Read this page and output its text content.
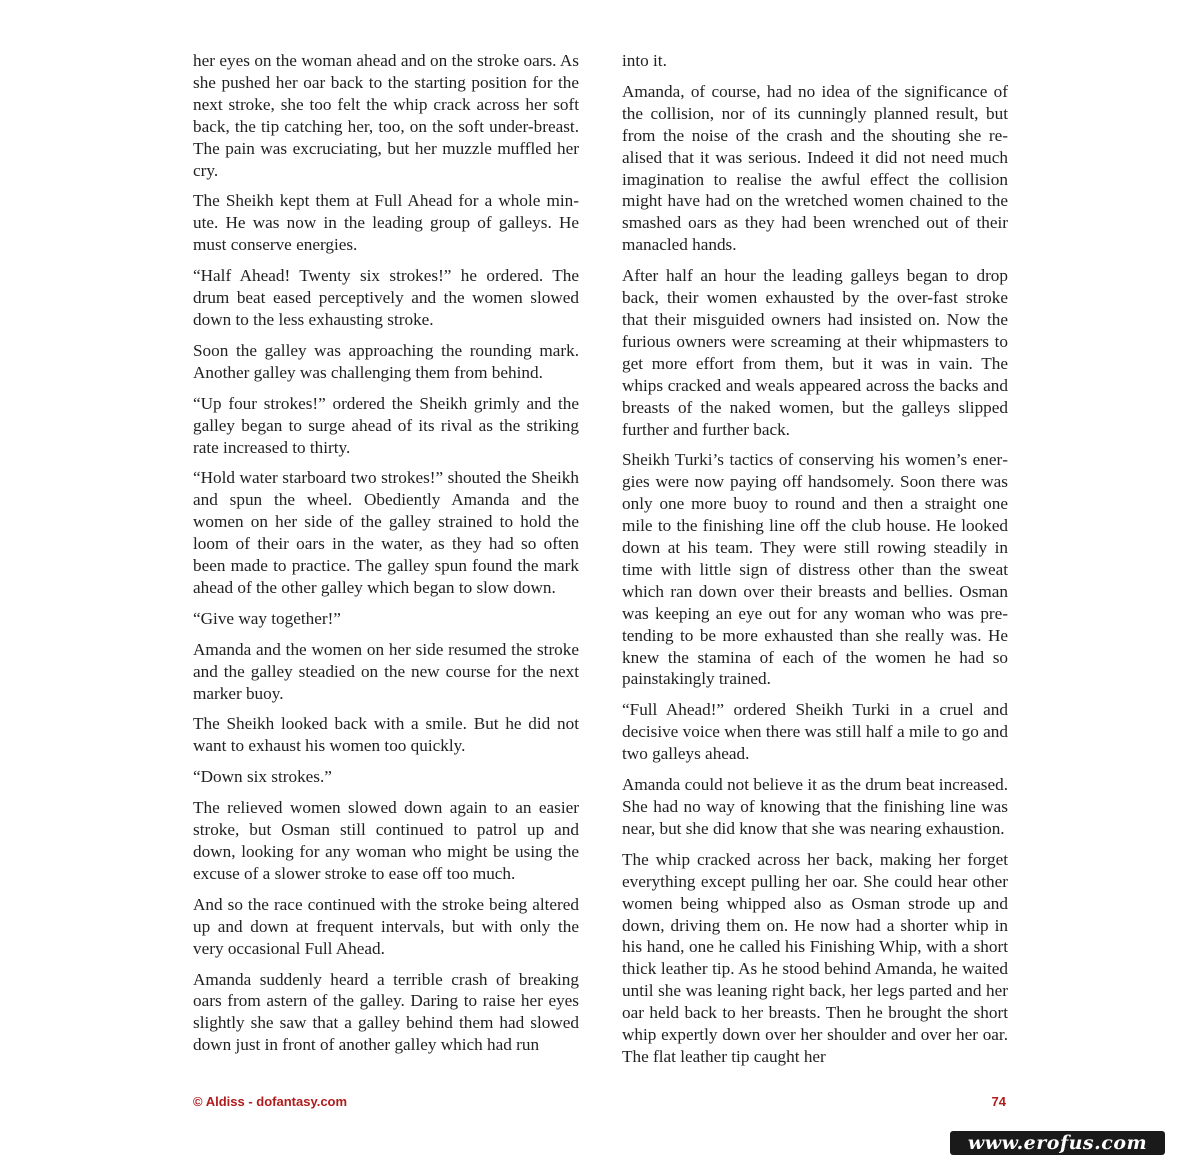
her eyes on the woman ahead and on the stroke oars. As she pushed her oar back to the starting position for the next stroke, she too felt the whip crack across her soft back, the tip catching her, too, on the soft under-breast. The pain was excruciating, but her muzzle muffled her cry.

The Sheikh kept them at Full Ahead for a whole minute. He was now in the leading group of galleys. He must conserve energies.

“Half Ahead! Twenty six strokes!” he ordered. The drum beat eased perceptively and the women slowed down to the less exhausting stroke.

Soon the galley was approaching the rounding mark. Another galley was challenging them from behind.

“Up four strokes!” ordered the Sheikh grimly and the galley began to surge ahead of its rival as the striking rate increased to thirty.

“Hold water starboard two strokes!” shouted the Sheikh and spun the wheel. Obediently Amanda and the women on her side of the galley strained to hold the loom of their oars in the water, as they had so often been made to practice. The galley spun found the mark ahead of the other galley which began to slow down.

“Give way together!”

Amanda and the women on her side resumed the stroke and the galley steadied on the new course for the next marker buoy.

The Sheikh looked back with a smile. But he did not want to exhaust his women too quickly.

“Down six strokes.”

The relieved women slowed down again to an easier stroke, but Osman still continued to patrol up and down, looking for any woman who might be using the excuse of a slower stroke to ease off too much.

And so the race continued with the stroke being altered up and down at frequent intervals, but with only the very occasional Full Ahead.

Amanda suddenly heard a terrible crash of breaking oars from astern of the galley. Daring to raise her eyes slightly she saw that a galley behind them had slowed down just in front of another galley which had run

into it.

Amanda, of course, had no idea of the significance of the collision, nor of its cunningly planned result, but from the noise of the crash and the shouting she realised that it was serious. Indeed it did not need much imagination to realise the awful effect the collision might have had on the wretched women chained to the smashed oars as they had been wrenched out of their manacled hands.

After half an hour the leading galleys began to drop back, their women exhausted by the over-fast stroke that their misguided owners had insisted on. Now the furious owners were screaming at their whipmasters to get more effort from them, but it was in vain. The whips cracked and weals appeared across the backs and breasts of the naked women, but the galleys slipped further and further back.

Sheikh Turki’s tactics of conserving his women’s energies were now paying off handsomely. Soon there was only one more buoy to round and then a straight one mile to the finishing line off the club house. He looked down at his team. They were still rowing steadily in time with little sign of distress other than the sweat which ran down over their breasts and bellies. Osman was keeping an eye out for any woman who was pretending to be more exhausted than she really was. He knew the stamina of each of the women he had so painstakingly trained.

“Full Ahead!” ordered Sheikh Turki in a cruel and decisive voice when there was still half a mile to go and two galleys ahead.

Amanda could not believe it as the drum beat increased. She had no way of knowing that the finishing line was near, but she did know that she was nearing exhaustion.

The whip cracked across her back, making her forget everything except pulling her oar. She could hear other women being whipped also as Osman strode up and down, driving them on. He now had a shorter whip in his hand, one he called his Finishing Whip, with a short thick leather tip. As he stood behind Amanda, he waited until she was leaning right back, her legs parted and her oar held back to her breasts. Then he brought the short whip expertly down over her shoulder and over her oar. The flat leather tip caught her

© Aldiss - dofantasy.com	74
www.erofus.com
